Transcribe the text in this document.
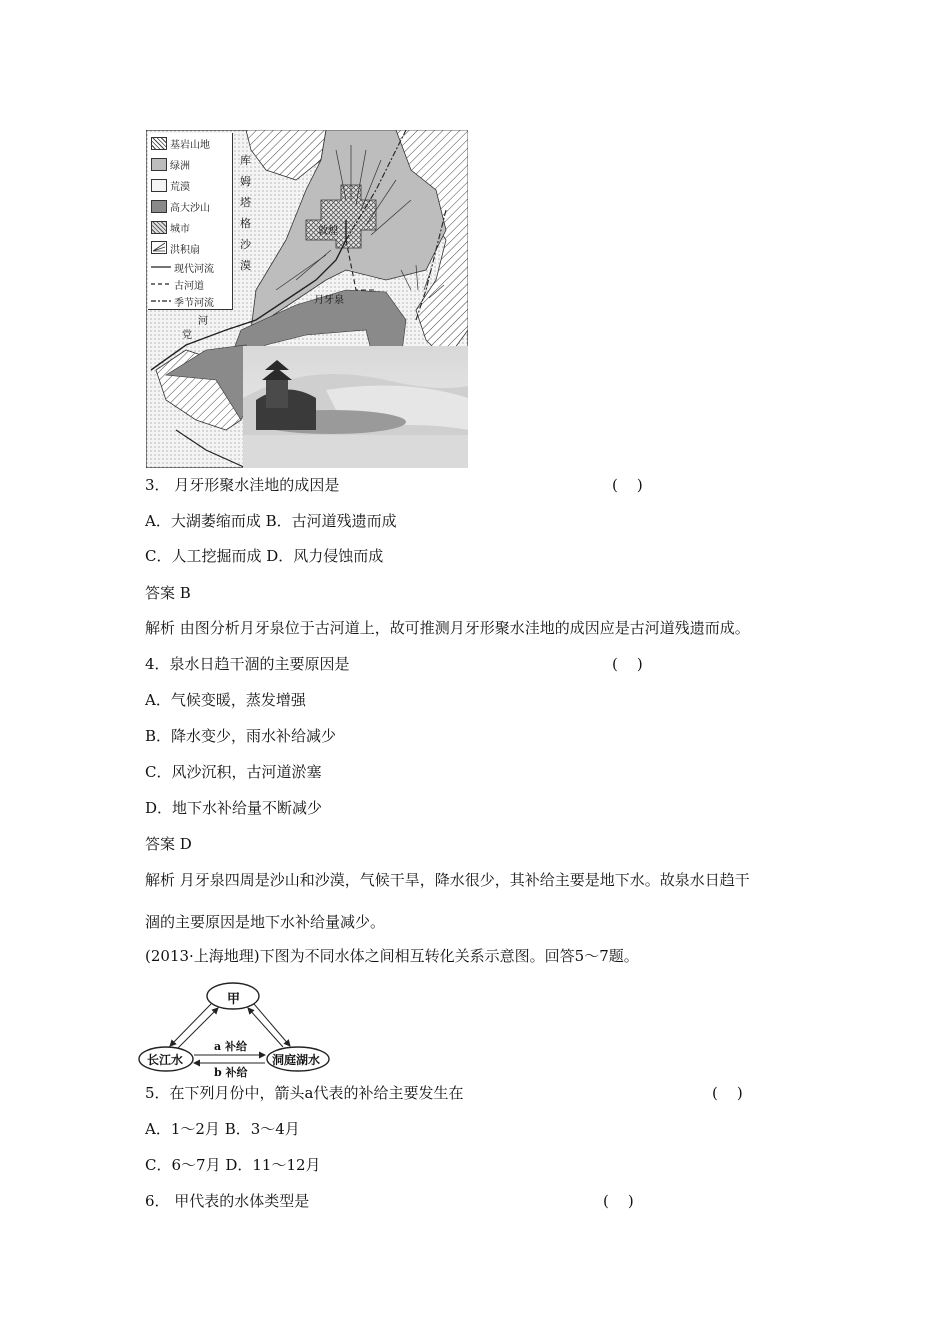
基岩山地
绿洲
荒漠
高大沙山
城市
洪积扇
现代河流
古河道
季节河流
库
姆
塔
格
沙
漠
党
河
敦煌
月牙泉
3． 月牙形聚水洼地的成因是	(    )
A．大湖萎缩而成 B．古河道残遗而成
C．人工挖掘而成 D．风力侵蚀而成
答案 B
解析 由图分析月牙泉位于古河道上，故可推测月牙形聚水洼地的成因应是古河道残遗而成。
4．泉水日趋干涸的主要原因是	(    )
A．气候变暖，蒸发增强
B．降水变少，雨水补给减少
C．风沙沉积，古河道淤塞
D．地下水补给量不断减少
答案 D
解析 月牙泉四周是沙山和沙漠，气候干旱，降水很少，其补给主要是地下水。故泉水日趋干
涸的主要原因是地下水补给量减少。
(2013·上海地理)下图为不同水体之间相互转化关系示意图。回答5～7题。
甲
长江水	洞庭湖水
a 补给
b 补给
5．在下列月份中，箭头a代表的补给主要发生在	(    )
A．1～2月 B．3～4月
C．6～7月 D．11～12月
6． 甲代表的水体类型是	(    )
